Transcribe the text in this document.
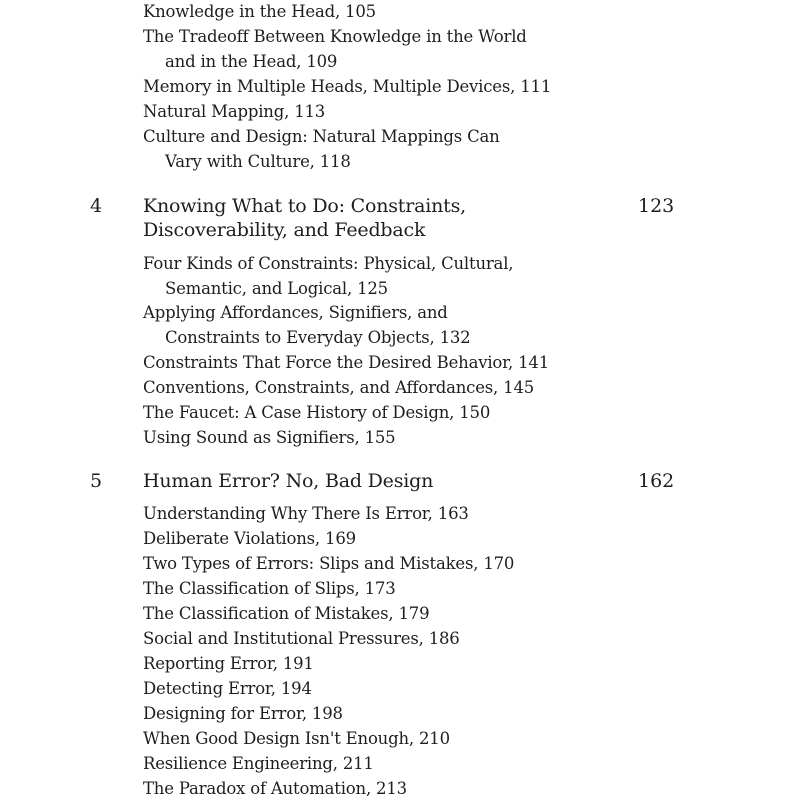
Knowledge in the Head, 105
The Tradeoff Between Knowledge in the World
and in the Head, 109
Memory in Multiple Heads, Multiple Devices, 111
Natural Mapping, 113
Culture and Design: Natural Mappings Can
Vary with Culture, 118
4 Knowing What to Do: Constraints,
Discoverability, and Feedback
123
Four Kinds of Constraints: Physical, Cultural,
Semantic, and Logical, 125
Applying Affordances, Signifiers, and
Constraints to Everyday Objects, 132
Constraints That Force the Desired Behavior, 141
Conventions, Constraints, and Affordances, 145
The Faucet: A Case History of Design, 150
Using Sound as Signifiers, 155
5 Human Error? No, Bad Design	162
Understanding Why There Is Error, 163
Deliberate Violations, 169
Two Types of Errors: Slips and Mistakes, 170
The Classification of Slips, 173
The Classification of Mistakes, 179
Social and Institutional Pressures, 186
Reporting Error, 191
Detecting Error, 194
Designing for Error, 198
When Good Design Isn't Enough, 210
Resilience Engineering, 211
The Paradox of Automation, 213
